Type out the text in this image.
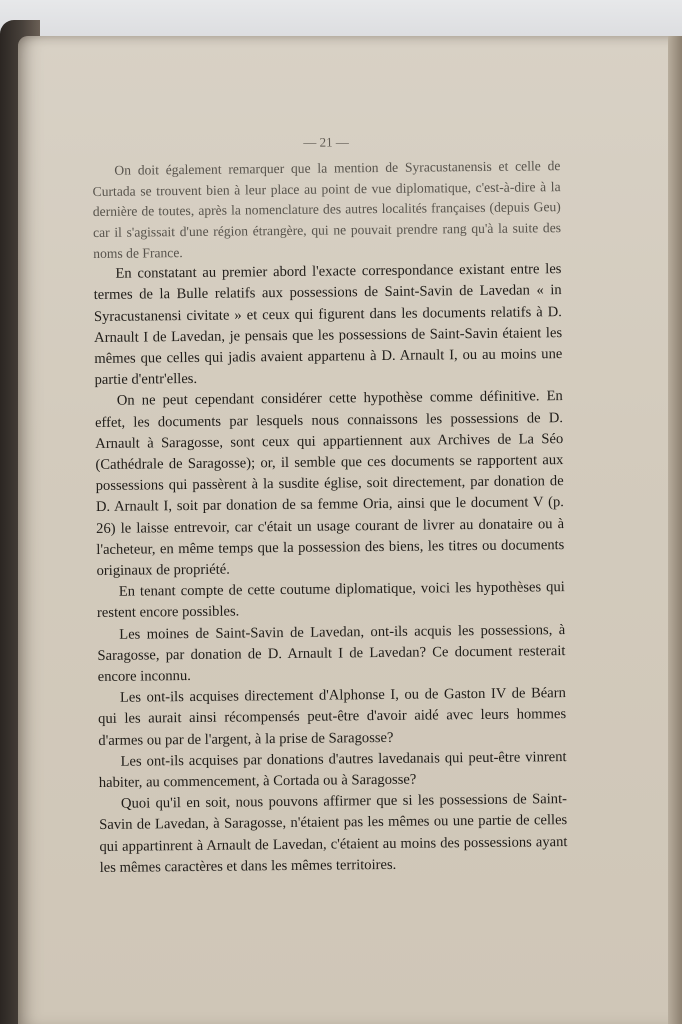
— 21 —

On doit également remarquer que la mention de Syracustanensis et celle de Curtada se trouvent bien à leur place au point de vue diplomatique, c'est-à-dire à la dernière de toutes, après la nomenclature des autres localités françaises (depuis Geu) car il s'agissait d'une région étrangère, qui ne pouvait prendre rang qu'à la suite des noms de France.

En constatant au premier abord l'exacte correspondance existant entre les termes de la Bulle relatifs aux possessions de Saint-Savin de Lavedan « in Syracustanensi civitate » et ceux qui figurent dans les documents relatifs à D. Arnault I de Lavedan, je pensais que les possessions de Saint-Savin étaient les mêmes que celles qui jadis avaient appartenu à D. Arnault I, ou au moins une partie d'entr'elles.

On ne peut cependant considérer cette hypothèse comme définitive. En effet, les documents par lesquels nous connaissons les possessions de D. Arnault à Saragosse, sont ceux qui appartiennent aux Archives de La Séo (Cathédrale de Saragosse); or, il semble que ces documents se rapportent aux possessions qui passèrent à la susdite église, soit directement, par donation de D. Arnault I, soit par donation de sa femme Oria, ainsi que le document V (p. 26) le laisse entrevoir, car c'était un usage courant de livrer au donataire ou à l'acheteur, en même temps que la possession des biens, les titres ou documents originaux de propriété.

En tenant compte de cette coutume diplomatique, voici les hypothèses qui restent encore possibles.

Les moines de Saint-Savin de Lavedan, ont-ils acquis les possessions, à Saragosse, par donation de D. Arnault I de Lavedan? Ce document resterait encore inconnu.

Les ont-ils acquises directement d'Alphonse I, ou de Gaston IV de Béarn qui les aurait ainsi récompensés peut-être d'avoir aidé avec leurs hommes d'armes ou par de l'argent, à la prise de Saragosse?

Les ont-ils acquises par donations d'autres lavedanais qui peut-être vinrent habiter, au commencement, à Cortada ou à Saragosse?

Quoi qu'il en soit, nous pouvons affirmer que si les possessions de Saint-Savin de Lavedan, à Saragosse, n'étaient pas les mêmes ou une partie de celles qui appartinrent à Arnault de Lavedan, c'étaient au moins des possessions ayant les mêmes caractères et dans les mêmes territoires.
